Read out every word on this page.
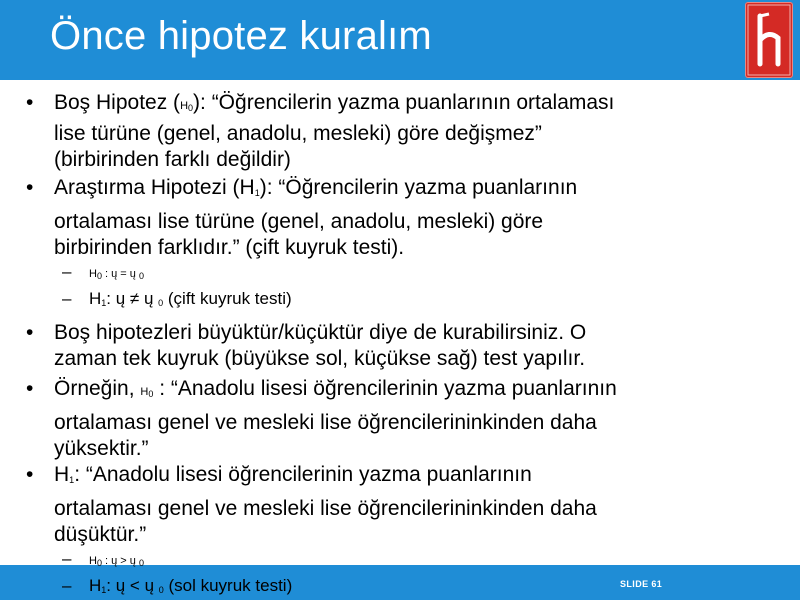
Önce hipotez kuralım
SLIDE 61
• Boş Hipotez $(H_0)$: “Öğrencilerin yazma puanlarının ortalaması
lise türüne (genel, anadolu, mesleki) göre değişmez”
(birbirinden farklı değildir)
• Araştırma Hipotezi $(H_1)$: “Öğrencilerin yazma puanlarının
ortalaması lise türüne (genel, anadolu, mesleki) göre
birbirinden farklıdır.” (çift kuyruk testi).
– $H_0$ : ų = ų $_0$
– $H_1$: ų ≠ ų $_0$ (çift kuyruk testi)
• Boş hipotezleri büyüktür/küçüktür diye de kurabilirsiniz. O
zaman tek kuyruk (büyükse sol, küçükse sağ) test yapılır.
• Örneğin, $H_0$ : “Anadolu lisesi öğrencilerinin yazma puanlarının
ortalaması genel ve mesleki lise öğrencilerininkinden daha
yüksektir.”
• $H_1$: “Anadolu lisesi öğrencilerinin yazma puanlarının
ortalaması genel ve mesleki lise öğrencilerininkinden daha
düşüktür.”
– $H_0$ : ų > ų $_0$
– $H_1$: ų < ų $_0$ (sol kuyruk testi)
